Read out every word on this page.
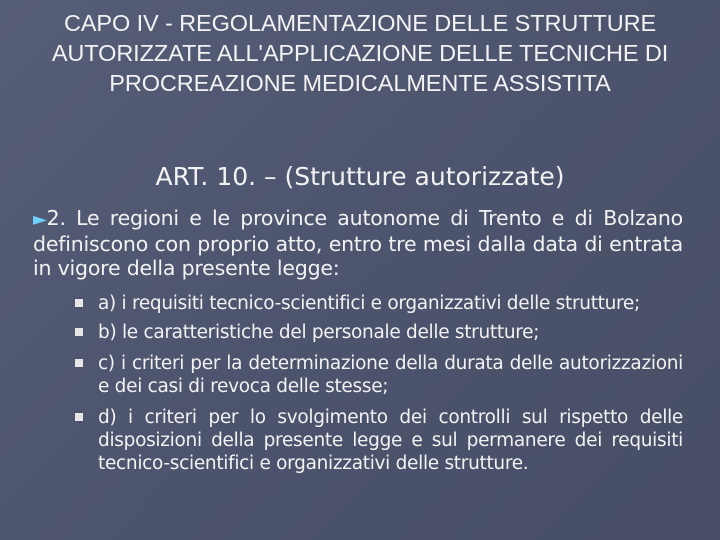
CAPO IV - REGOLAMENTAZIONE DELLE STRUTTURE AUTORIZZATE ALL'APPLICAZIONE DELLE TECNICHE DI PROCREAZIONE MEDICALMENTE ASSISTITA
ART. 10. – (Strutture autorizzate)
►2. Le regioni e le province autonome di Trento e di Bolzano definiscono con proprio atto, entro tre mesi dalla data di entrata in vigore della presente legge:
a) i requisiti tecnico-scientifici e organizzativi delle strutture;
b) le caratteristiche del personale delle strutture;
c) i criteri per la determinazione della durata delle autorizzazioni e dei casi di revoca delle stesse;
d) i criteri per lo svolgimento dei controlli sul rispetto delle disposizioni della presente legge e sul permanere dei requisiti tecnico-scientifici e organizzativi delle strutture.
